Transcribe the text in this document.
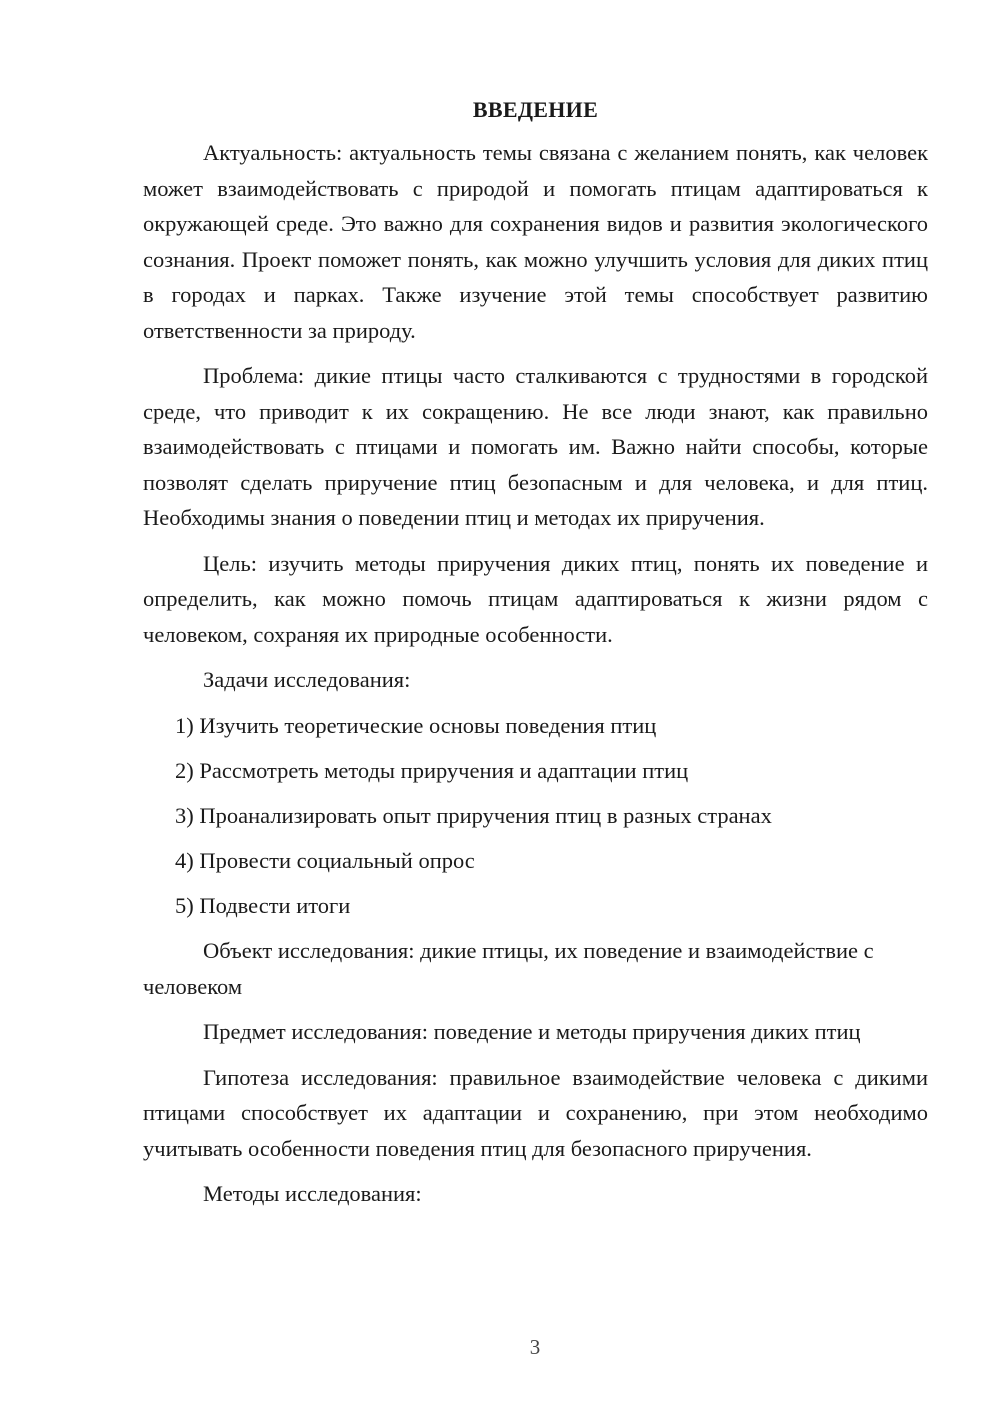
ВВЕДЕНИЕ

Актуальность: актуальность темы связана с желанием понять, как человек может взаимодействовать с природой и помогать птицам адаптироваться к окружающей среде. Это важно для сохранения видов и развития экологического сознания. Проект поможет понять, как можно улучшить условия для диких птиц в городах и парках. Также изучение этой темы способствует развитию ответственности за природу.

Проблема: дикие птицы часто сталкиваются с трудностями в городской среде, что приводит к их сокращению. Не все люди знают, как правильно взаимодействовать с птицами и помогать им. Важно найти способы, которые позволят сделать приручение птиц безопасным и для человека, и для птиц. Необходимы знания о поведении птиц и методах их приручения.

Цель: изучить методы приручения диких птиц, понять их поведение и определить, как можно помочь птицам адаптироваться к жизни рядом с человеком, сохраняя их природные особенности.

Задачи исследования:

1) Изучить теоретические основы поведения птиц
2) Рассмотреть методы приручения и адаптации птиц
3) Проанализировать опыт приручения птиц в разных странах
4) Провести социальный опрос
5) Подвести итоги

Объект исследования: дикие птицы, их поведение и взаимодействие с человеком

Предмет исследования: поведение и методы приручения диких птиц

Гипотеза исследования: правильное взаимодействие человека с дикими птицами способствует их адаптации и сохранению, при этом необходимо учитывать особенности поведения птиц для безопасного приручения.

Методы исследования:

3
